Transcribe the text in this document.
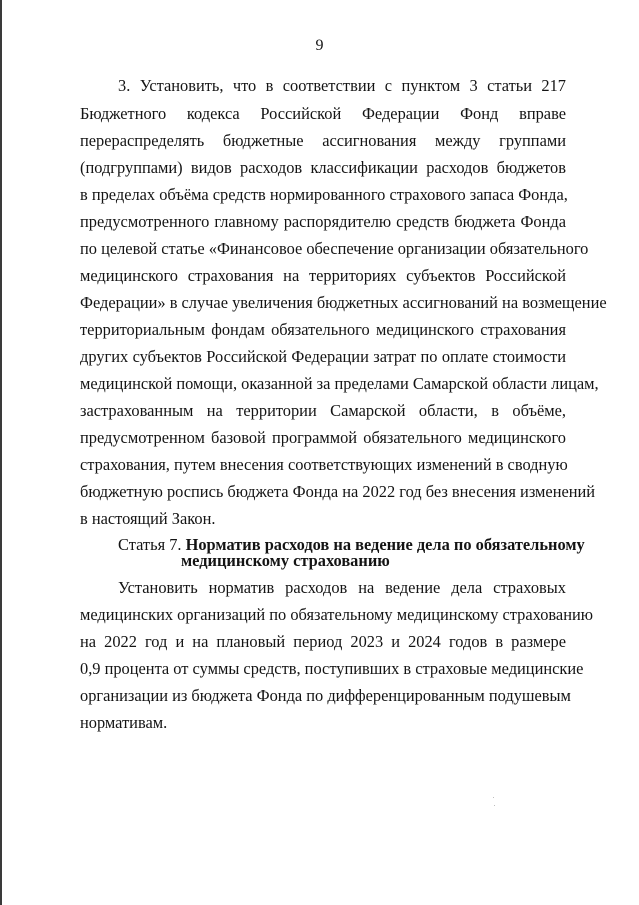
9
3. Установить, что в соответствии с пунктом 3 статьи 217
Бюджетного кодекса Российской Федерации Фонд вправе
перераспределять бюджетные ассигнования между группами
(подгруппами) видов расходов классификации расходов бюджетов
в пределах объёма средств нормированного страхового запаса Фонда,
предусмотренного главному распорядителю средств бюджета Фонда
по целевой статье «Финансовое обеспечение организации обязательного
медицинского страхования на территориях субъектов Российской
Федерации» в случае увеличения бюджетных ассигнований на возмещение
территориальным фондам обязательного медицинского страхования
других субъектов Российской Федерации затрат по оплате стоимости
медицинской помощи, оказанной за пределами Самарской области лицам,
застрахованным на территории Самарской области, в объёме,
предусмотренном базовой программой обязательного медицинского
страхования, путем внесения соответствующих изменений в сводную
бюджетную роспись бюджета Фонда на 2022 год без внесения изменений
в настоящий Закон.
Статья 7. Норматив расходов на ведение дела по обязательному
медицинскому страхованию
Установить норматив расходов на ведение дела страховых
медицинских организаций по обязательному медицинскому страхованию
на 2022 год и на плановый период 2023 и 2024 годов в размере
0,9 процента от суммы средств, поступивших в страховые медицинские
организации из бюджета Фонда по дифференцированным подушевым
нормативам.
